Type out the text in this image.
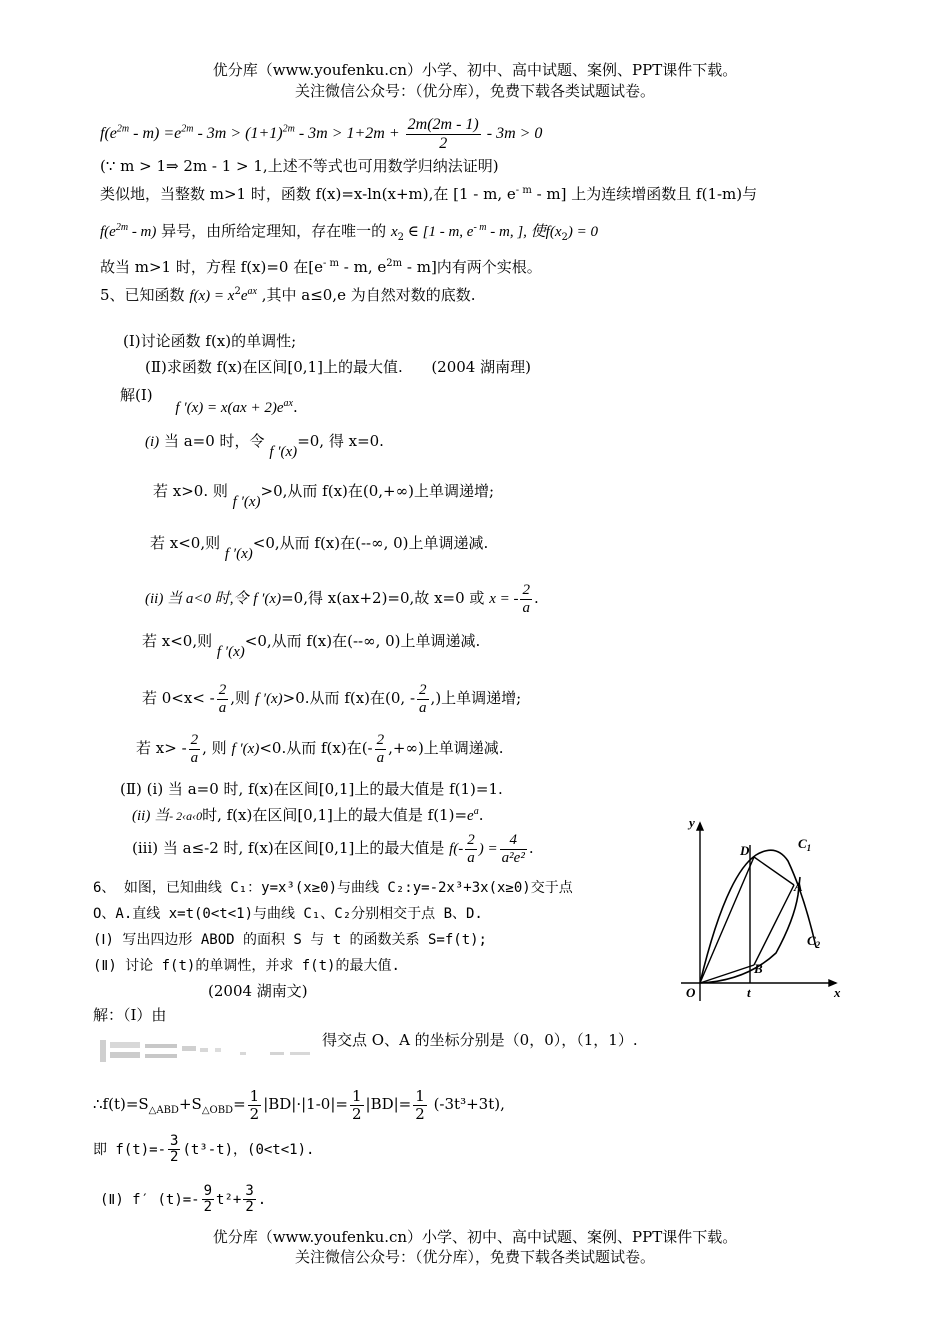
优分库（www.youfenku.cn）小学、初中、高中试题、案例、PPT课件下载。
关注微信公众号：（优分库），免费下载各类试题试卷。
$f(e^{2m} - m) =e^{2m} - 3m > (1+1)^{2m} - 3m > 1+2m + \frac{2m(2m - 1)}{2} - 3m > 0$
(∵ m > 1⇒ 2m - 1 > 1,上述不等式也可用数学归纳法证明)
类似地，当整数 m>1 时，函数 f(x)=x-ln(x+m),在 [1 - m, $e^{- m} - m$] 上为连续增函数且 f(1-m)与
$f(e^{2m} - m)$ 异号，由所给定理知，存在唯一的 $x_2$ ∈ [1 - m, $e^{- m}$ - m, ], 使$f(x_2) = 0$
故当 m>1 时，方程 f(x)=0 在[$e^{- m}$ - m, $e^{2m} - m$]内有两个实根。
5、已知函数 $f(x) = x^2e^{ax}$ ,其中 a≤0,e 为自然对数的底数.
(Ⅰ)讨论函数 f(x)的单调性;
(Ⅱ)求函数 f(x)在区间[0,1]上的最大值. (2004 湖南理)
解(Ⅰ) f $'(x) = x(ax + 2)e^{ax}$.
(i) 当 a=0 时，令 f ′(x)=0, 得 x=0.
若 x>0. 则 f ′(x)>0,从而 f(x)在(0,+∞)上单调递增;
若 x<0,则 f ′(x)<0,从而 f(x)在(--∞, 0)上单调递减.
(ii) 当 a<0 时,令 f ′(x)=0,得 x(ax+2)=0,故 x=0 或 x = - $\frac{2}{a}$ .
若 x<0,则 f ′(x)<0,从而 f(x)在(--∞, 0)上单调递减.
若 $0<x< - \frac{2}{a}$ ,则 f ′(x)>0.从而 f(x)在(0, - $\frac{2}{a}$ ,)上单调递增;
若 $x> - \frac{2}{a}$ , 则 f ′(x)<0.从而 f(x)在(- $\frac{2}{a}$ ,+∞)上单调递减.
(Ⅱ) (i) 当 a=0 时, f(x)在区间[0,1]上的最大值是 f(1)=1.
(ii) 当- 2‹a‹0时, f(x)在区间[0,1]上的最大值是 $f(1)=e^a$.
(iii) 当 a≤-2 时, f(x)在区间[0,1]上的最大值是 $f(- \frac{2}{a}$ ) = $\frac{4}{\text{a²e²}}$ .
6、 如图，已知曲线 C₁：y=x³(x≥0)与曲线 C₂:y=-2x³+3x(x≥0)交于点
O、A.直线 x=t(0<t<1)与曲线 C₁、C₂分别相交于点 B、D.
(Ⅰ) 写出四边形 ABOD 的面积 S 与 t 的函数关系 S=f(t);
(Ⅱ) 讨论 f(t)的单调性，并求 f(t)的最大值.
(2004 湖南文)
解：（Ⅰ）由
得交点 O、A 的坐标分别是（0，0），（1，1）.
$\therefore f(t)=S_{\triangle ABD}+S_{\triangle OBD}= \frac{1}{2} |BD|\cdot|1-0|= \frac{1}{2} |BD|= \frac{1}{2} (-3t^3+3t)$,
即 $f(t)=- \frac{3}{2} (t^3-t)$，(0<t<1).
(Ⅱ) f′ $(t)=- \frac{9}{2} t^2+ \frac{3}{2}$ .
优分库（www.youfenku.cn）小学、初中、高中试题、案例、PPT课件下载。
关注微信公众号：（优分库），免费下载各类试题试卷。
y
x
O	t
D
A
B
$C_1$
$C_2$
